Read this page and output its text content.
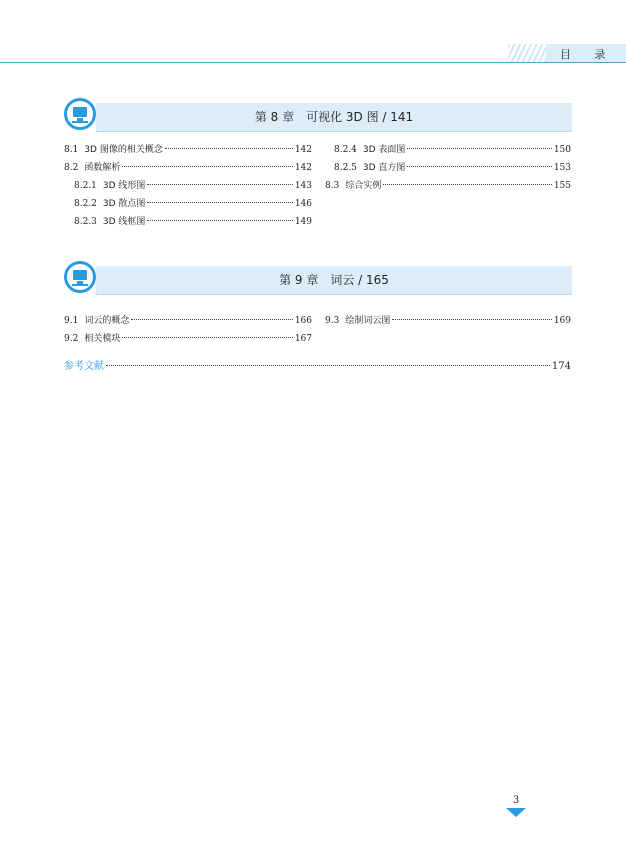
目 录
第 8 章　可视化 3D 图 / 141
8.1 3D 图像的相关概念	142
8.2 函数解析	142
8.2.1 3D 线形图	143
8.2.2 3D 散点图	146
8.2.3 3D 线框图	149
8.2.4 3D 表面图	150
8.2.5 3D 直方图	153
8.3 综合实例	155
第 9 章　词云 / 165
9.1 词云的概念	166
9.2 相关模块	167
9.3 绘制词云图	169
参考文献	174
3
